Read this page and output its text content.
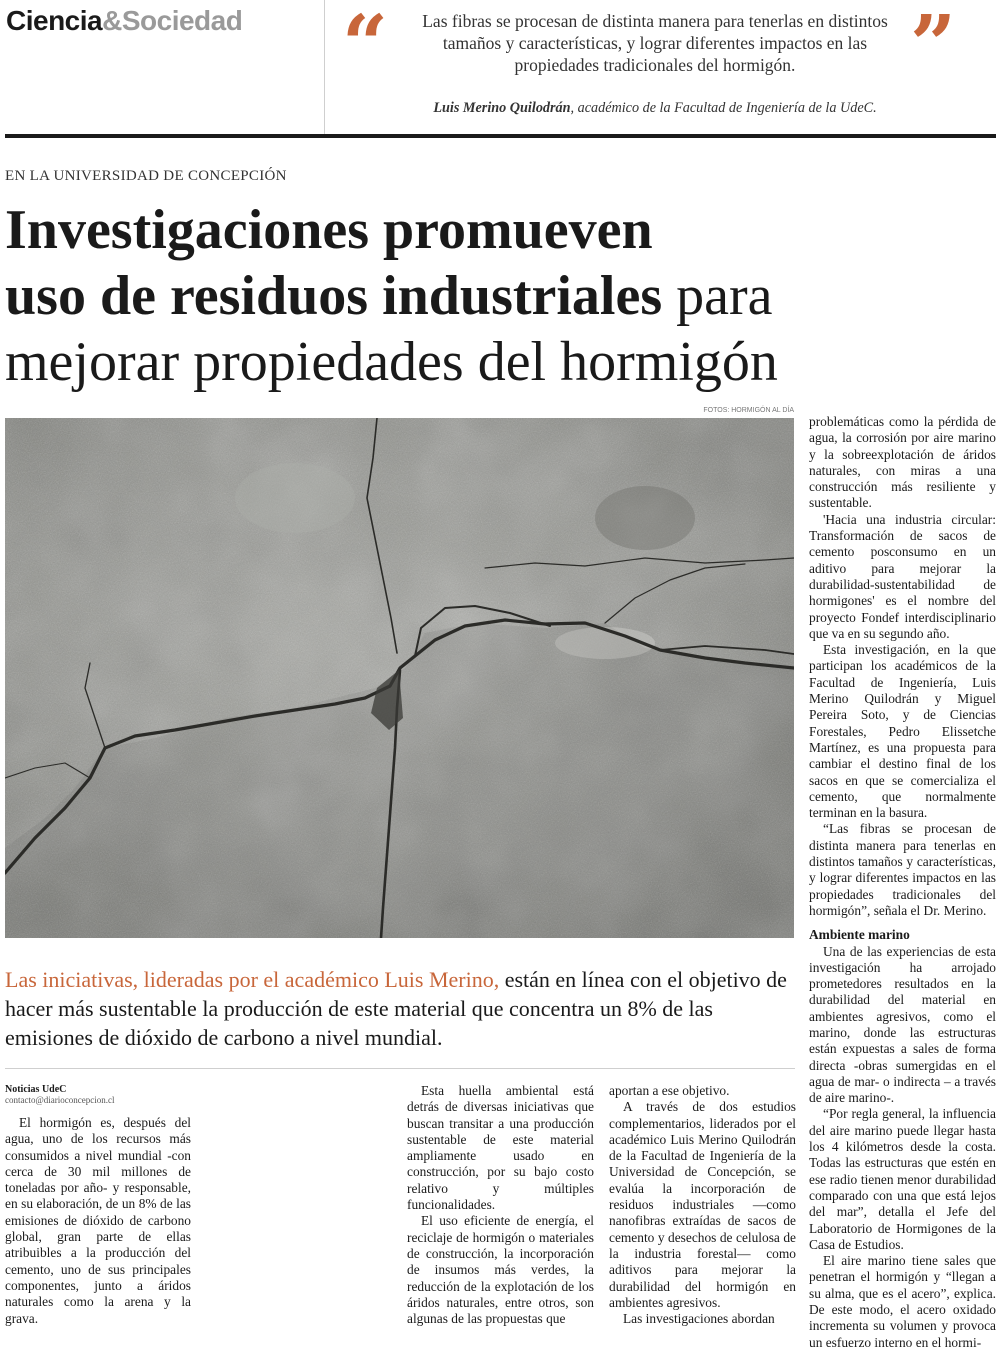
Ciencia&Sociedad “	”
Las fibras se procesan de distinta manera para tenerlas en distintos tamaños y características, y lograr diferentes impactos en las propiedades tradicionales del hormigón.
Luis Merino Quilodrán, académico de la Facultad de Ingeniería de la UdeC.
EN LA UNIVERSIDAD DE CONCEPCIÓN
Investigaciones promueven
uso de residuos industriales para
mejorar propiedades del hormigón
FOTOS: HORMIGÓN AL DÍA
Las iniciativas, lideradas por el académico Luis Merino, están en línea con el objetivo de hacer más sustentable la producción de este material que concentra un 8% de las emisiones de dióxido de carbono a nivel mundial.
Noticias UdeC
contacto@diarioconcepcion.cl

El hormigón es, después del agua, uno de los recursos más consumidos a nivel mundial -con cerca de 30 mil millones de toneladas por año- y responsable, en su elaboración, de un 8% de las emisiones de dióxido de carbono global, gran parte de ellas atribuibles a la producción del cemento, uno de sus principales componentes, junto a áridos naturales como la arena y la grava.

Esta huella ambiental está detrás de diversas iniciativas que buscan transitar a una producción sustentable de este material ampliamente usado en construcción, por su bajo costo relativo y múltiples funcionalidades.

El uso eficiente de energía, el reciclaje de hormigón o materiales de construcción, la incorporación de insumos más verdes, la reducción de la explotación de los áridos naturales, entre otros, son algunas de las propuestas que

aportan a ese objetivo.

A través de dos estudios complementarios, liderados por el académico Luis Merino Quilodrán de la Facultad de Ingeniería de la Universidad de Concepción, se evalúa la incorporación de residuos industriales —como nanofibras extraídas de sacos de cemento y desechos de celulosa de la industria forestal— como aditivos para mejorar la durabilidad del hormigón en ambientes agresivos.

Las investigaciones abordan

problemáticas como la pérdida de agua, la corrosión por aire marino y la sobreexplotación de áridos naturales, con miras a una construcción más resiliente y sustentable.

'Hacia una industria circular: Transformación de sacos de cemento posconsumo en un aditivo para mejorar la durabilidad-sustentabilidad de hormigones' es el nombre del proyecto Fondef interdisciplinario que va en su segundo año.

Esta investigación, en la que participan los académicos de la Facultad de Ingeniería, Luis Merino Quilodrán y Miguel Pereira Soto, y de Ciencias Forestales, Pedro Elissetche Martínez, es una propuesta para cambiar el destino final de los sacos en que se comercializa el cemento, que normalmente terminan en la basura.

“Las fibras se procesan de distinta manera para tenerlas en distintos tamaños y características, y lograr diferentes impactos en las propiedades tradicionales del hormigón”, señala el Dr. Merino.

Ambiente marino

Una de las experiencias de esta investigación ha arrojado prometedores resultados en la durabilidad del material en ambientes agresivos, como el marino, donde las estructuras están expuestas a sales de forma directa -obras sumergidas en el agua de mar- o indirecta – a través de aire marino-.

“Por regla general, la influencia del aire marino puede llegar hasta los 4 kilómetros desde la costa. Todas las estructuras que estén en ese radio tienen menor durabilidad comparado con una que está lejos del mar”, detalla el Jefe del Laboratorio de Hormigones de la Casa de Estudios.

El aire marino tiene sales que penetran el hormigón y “llegan a su alma, que es el acero”, explica. De este modo, el acero oxidado incrementa su volumen y provoca un esfuerzo interno en el hormi-
